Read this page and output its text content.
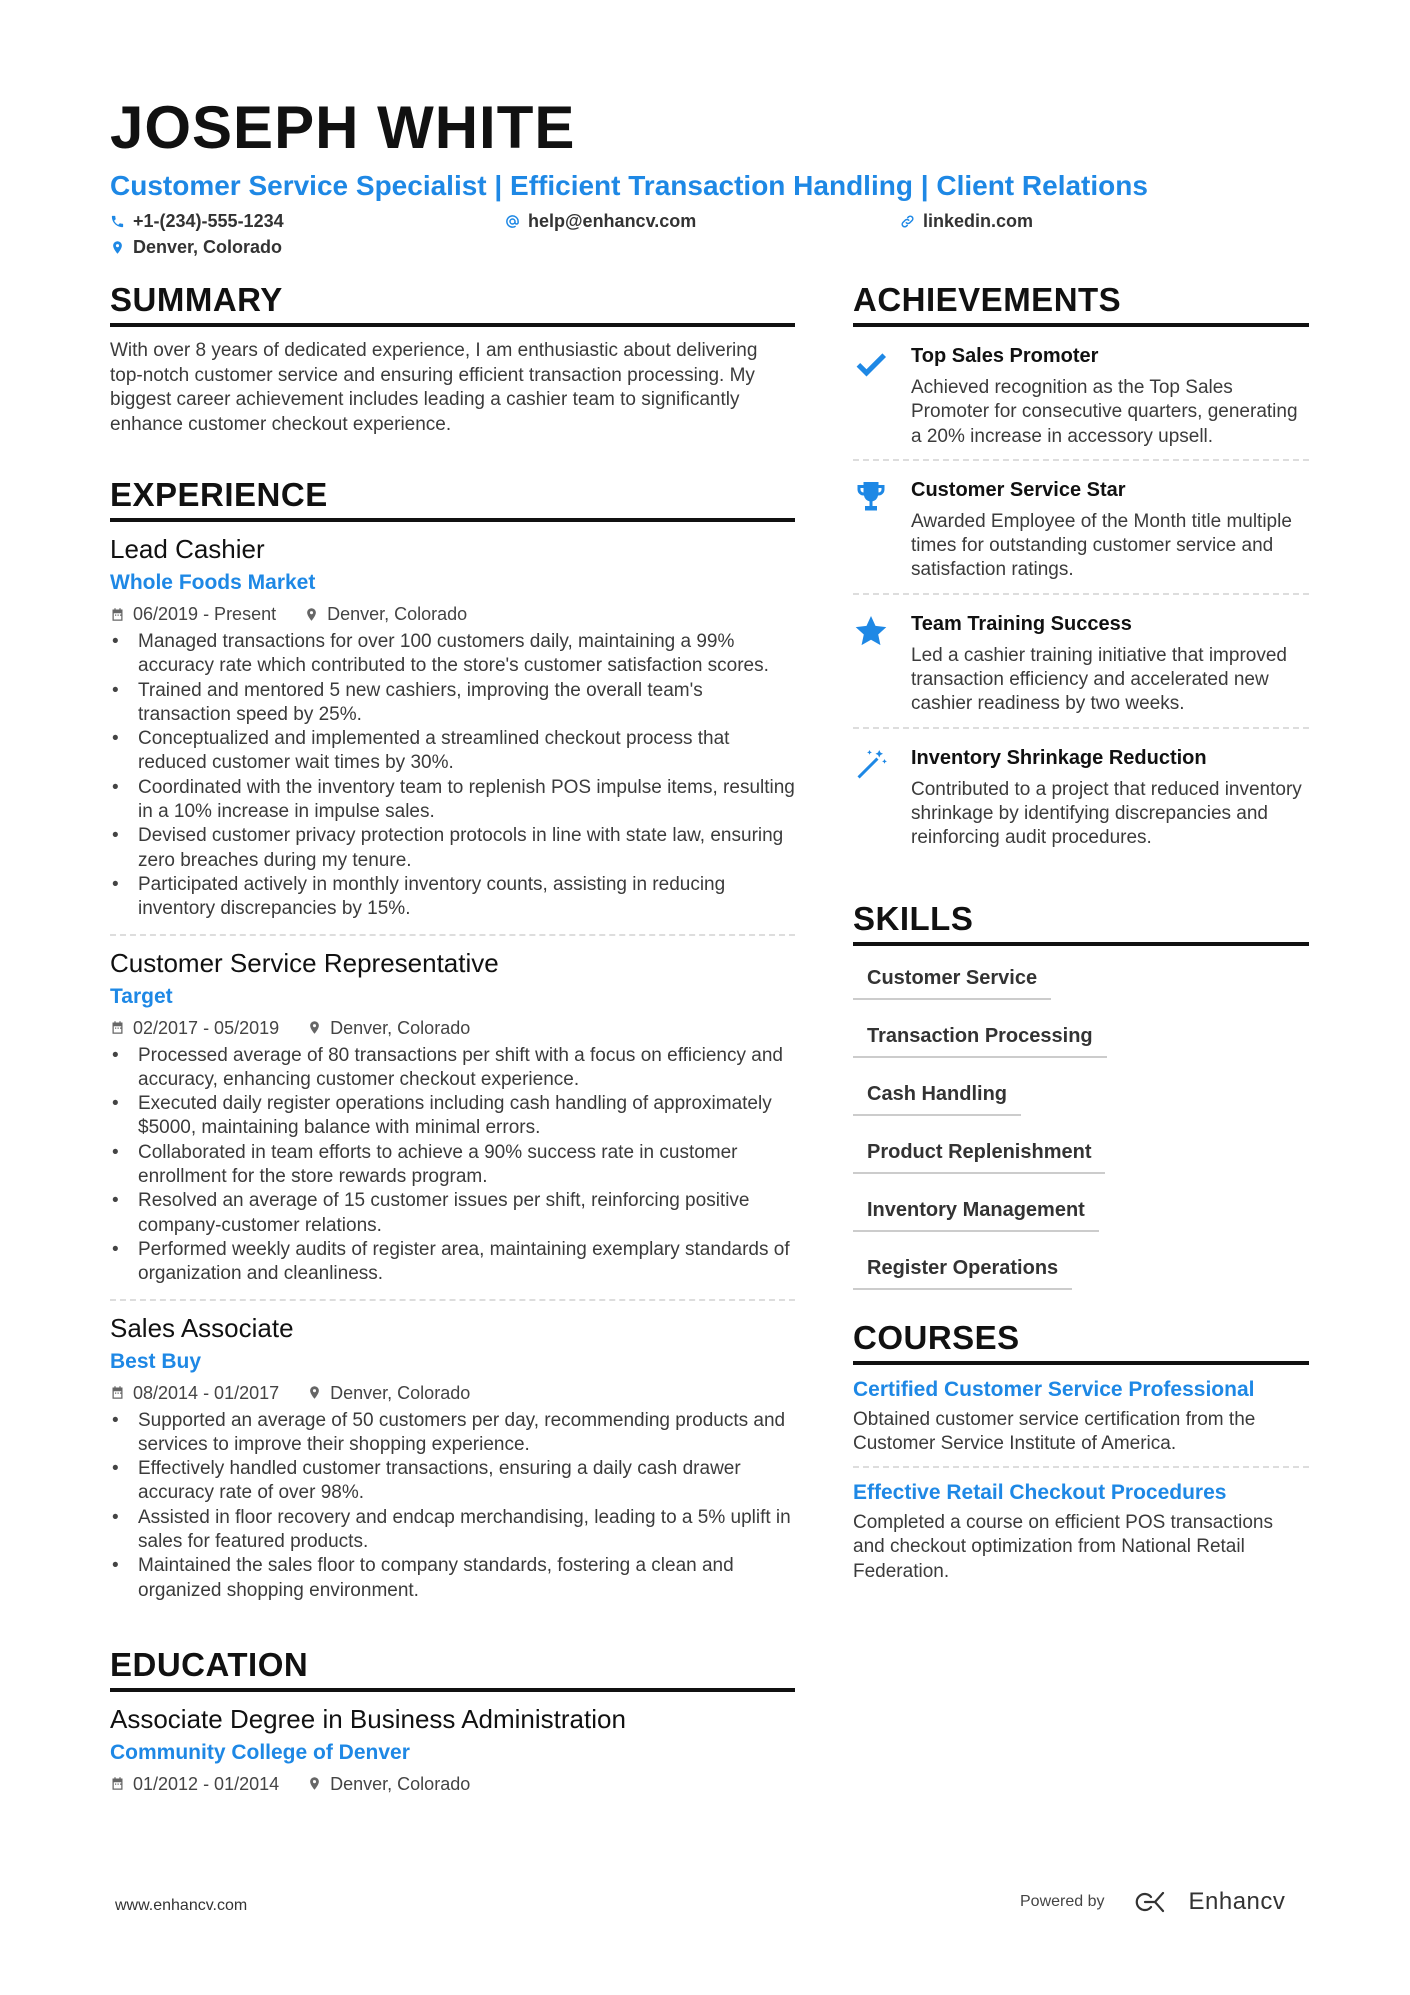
JOSEPH WHITE
Customer Service Specialist | Efficient Transaction Handling | Client Relations
+1-(234)-555-1234	help@enhancv.com	linkedin.com
Denver, Colorado
SUMMARY
With over 8 years of dedicated experience, I am enthusiastic about delivering top-notch customer service and ensuring efficient transaction processing. My biggest career achievement includes leading a cashier team to significantly enhance customer checkout experience.
EXPERIENCE
Lead Cashier
Whole Foods Market
06/2019 - Present	Denver, Colorado
• Managed transactions for over 100 customers daily, maintaining a 99% accuracy rate which contributed to the store's customer satisfaction scores.
• Trained and mentored 5 new cashiers, improving the overall team's transaction speed by 25%.
• Conceptualized and implemented a streamlined checkout process that reduced customer wait times by 30%.
• Coordinated with the inventory team to replenish POS impulse items, resulting in a 10% increase in impulse sales.
• Devised customer privacy protection protocols in line with state law, ensuring zero breaches during my tenure.
• Participated actively in monthly inventory counts, assisting in reducing inventory discrepancies by 15%.
Customer Service Representative
Target
02/2017 - 05/2019	Denver, Colorado
• Processed average of 80 transactions per shift with a focus on efficiency and accuracy, enhancing customer checkout experience.
• Executed daily register operations including cash handling of approximately $5000, maintaining balance with minimal errors.
• Collaborated in team efforts to achieve a 90% success rate in customer enrollment for the store rewards program.
• Resolved an average of 15 customer issues per shift, reinforcing positive company-customer relations.
• Performed weekly audits of register area, maintaining exemplary standards of organization and cleanliness.
Sales Associate
Best Buy
08/2014 - 01/2017	Denver, Colorado
• Supported an average of 50 customers per day, recommending products and services to improve their shopping experience.
• Effectively handled customer transactions, ensuring a daily cash drawer accuracy rate of over 98%.
• Assisted in floor recovery and endcap merchandising, leading to a 5% uplift in sales for featured products.
• Maintained the sales floor to company standards, fostering a clean and organized shopping environment.
EDUCATION
Associate Degree in Business Administration
Community College of Denver
01/2012 - 01/2014	Denver, Colorado
ACHIEVEMENTS
Top Sales Promoter
Achieved recognition as the Top Sales Promoter for consecutive quarters, generating a 20% increase in accessory upsell.
Customer Service Star
Awarded Employee of the Month title multiple times for outstanding customer service and satisfaction ratings.
Team Training Success
Led a cashier training initiative that improved transaction efficiency and accelerated new cashier readiness by two weeks.
Inventory Shrinkage Reduction
Contributed to a project that reduced inventory shrinkage by identifying discrepancies and reinforcing audit procedures.
SKILLS
Customer Service
Transaction Processing
Cash Handling
Product Replenishment
Inventory Management
Register Operations
COURSES
Certified Customer Service Professional
Obtained customer service certification from the Customer Service Institute of America.
Effective Retail Checkout Procedures
Completed a course on efficient POS transactions and checkout optimization from National Retail Federation.
www.enhancv.com	Powered by	Enhancv
